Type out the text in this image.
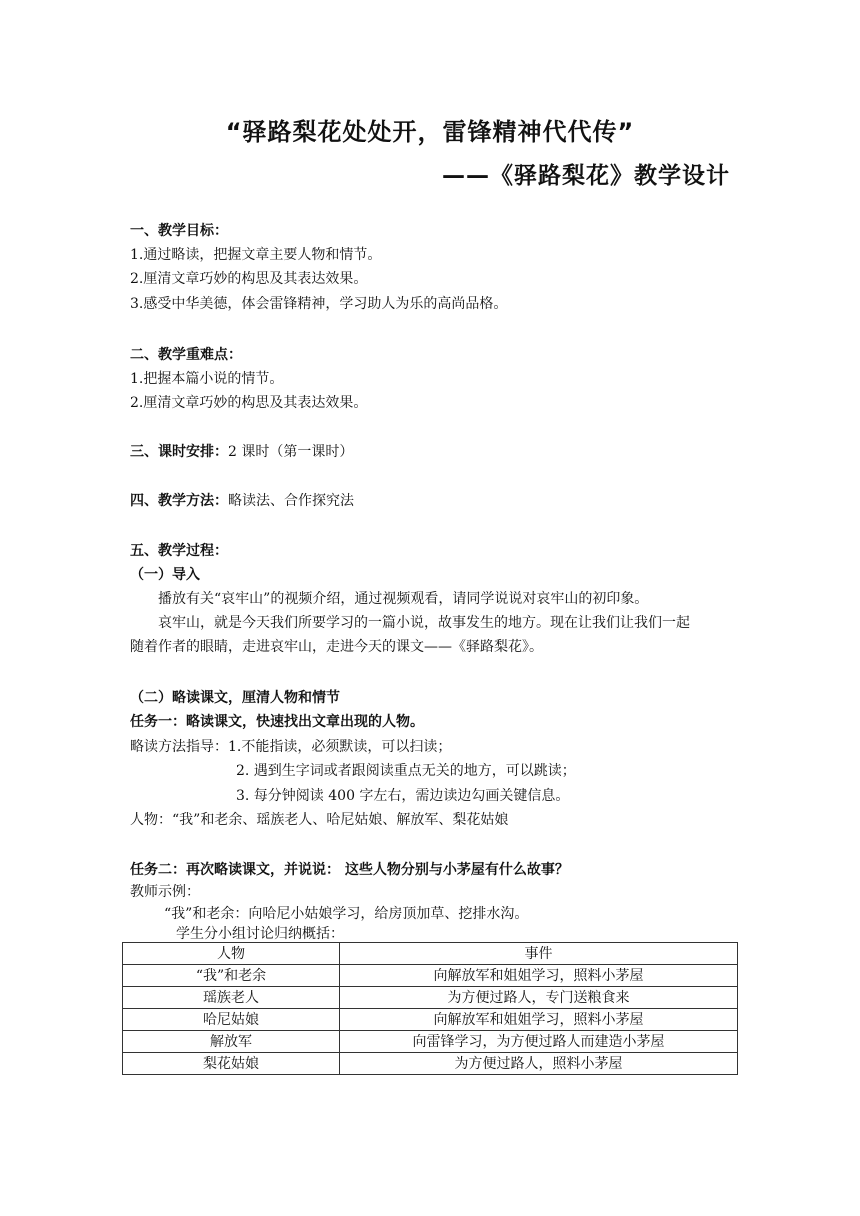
“驿路梨花处处开，雷锋精神代代传”
——《驿路梨花》教学设计
一、教学目标：
1.通过略读，把握文章主要人物和情节。
2.厘清文章巧妙的构思及其表达效果。
3.感受中华美德，体会雷锋精神，学习助人为乐的高尚品格。
二、教学重难点：
1.把握本篇小说的情节。
2.厘清文章巧妙的构思及其表达效果。
三、课时安排：2 课时（第一课时）
四、教学方法：略读法、合作探究法
五、教学过程：
（一）导入
播放有关“哀牢山”的视频介绍，通过视频观看，请同学说说对哀牢山的初印象。
哀牢山，就是今天我们所要学习的一篇小说，故事发生的地方。现在让我们让我们一起
随着作者的眼睛，走进哀牢山，走进今天的课文——《驿路梨花》。
（二）略读课文，厘清人物和情节
任务一：略读课文，快速找出文章出现的人物。
略读方法指导：1.不能指读，必须默读，可以扫读；
2. 遇到生字词或者跟阅读重点无关的地方，可以跳读；
3. 每分钟阅读 400 字左右，需边读边勾画关键信息。
人物：“我”和老余、瑶族老人、哈尼姑娘、解放军、梨花姑娘
任务二：再次略读课文，并说说： 这些人物分别与小茅屋有什么故事？
教师示例：
“我”和老余：向哈尼小姑娘学习，给房顶加草、挖排水沟。
学生分小组讨论归纳概括：
人物	事件
“我”和老余	向解放军和姐姐学习，照料小茅屋
瑶族老人	为方便过路人，专门送粮食来
哈尼姑娘	向解放军和姐姐学习，照料小茅屋
解放军	向雷锋学习，为方便过路人而建造小茅屋
梨花姑娘	为方便过路人，照料小茅屋
